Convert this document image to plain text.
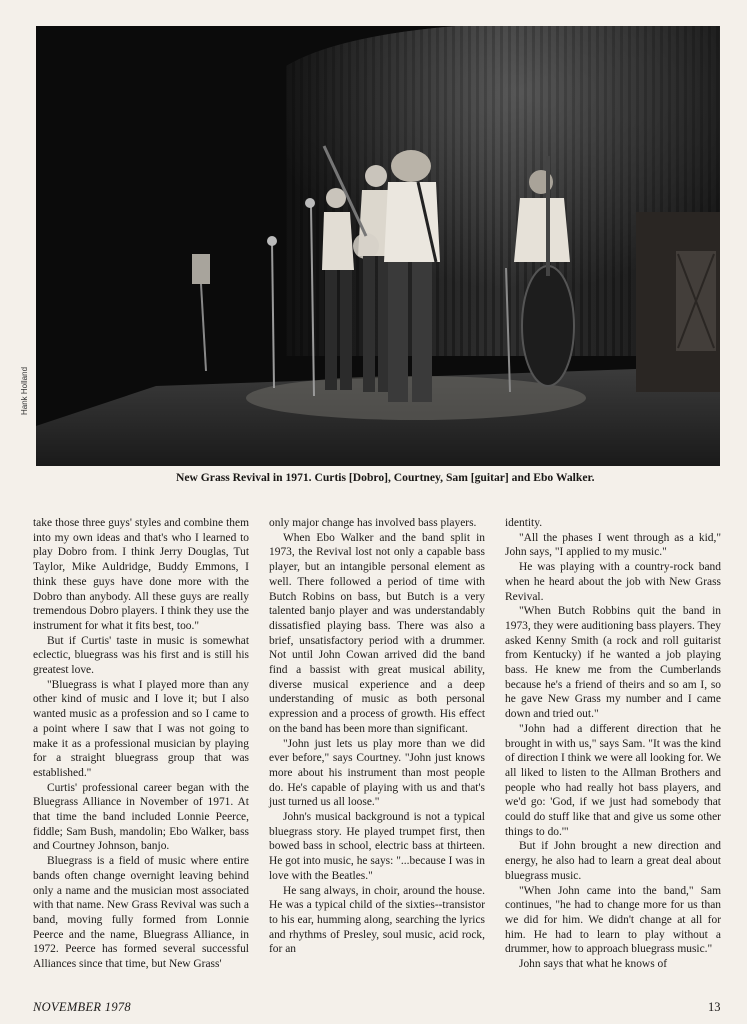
Hank Holland
New Grass Revival in 1971. Curtis [Dobro], Courtney, Sam [guitar] and Ebo Walker.

take those three guys' styles and combine them into my own ideas and that's who I learned to play Dobro from. I think Jerry Douglas, Tut Taylor, Mike Auldridge, Buddy Emmons, I think these guys have done more with the Dobro than anybody. All these guys are really tremendous Dobro players. I think they use the instrument for what it fits best, too."

But if Curtis' taste in music is somewhat eclectic, bluegrass was his first and is still his greatest love.

"Bluegrass is what I played more than any other kind of music and I love it; but I also wanted music as a profession and so I came to a point where I saw that I was not going to make it as a professional musician by playing for a straight bluegrass group that was established."

Curtis' professional career began with the Bluegrass Alliance in November of 1971. At that time the band included Lonnie Peerce, fiddle; Sam Bush, mandolin; Ebo Walker, bass and Courtney Johnson, banjo.

Bluegrass is a field of music where entire bands often change overnight leaving behind only a name and the musician most associated with that name. New Grass Revival was such a band, moving fully formed from Lonnie Peerce and the name, Bluegrass Alliance, in 1972. Peerce has formed several successful Alliances since that time, but New Grass'

only major change has involved bass players.

When Ebo Walker and the band split in 1973, the Revival lost not only a capable bass player, but an intangible personal element as well. There followed a period of time with Butch Robins on bass, but Butch is a very talented banjo player and was understandably dissatisfied playing bass. There was also a brief, unsatisfactory period with a drummer. Not until John Cowan arrived did the band find a bassist with great musical ability, diverse musical experience and a deep understanding of music as both personal expression and a process of growth. His effect on the band has been more than significant.

"John just lets us play more than we did ever before," says Courtney. "John just knows more about his instrument than most people do. He's capable of playing with us and that's just turned us all loose."

John's musical background is not a typical bluegrass story. He played trumpet first, then bowed bass in school, electric bass at thirteen. He got into music, he says: "...because I was in love with the Beatles."

He sang always, in choir, around the house. He was a typical child of the sixties--transistor to his ear, humming along, searching the lyrics and rhythms of Presley, soul music, acid rock, for an

identity.

"All the phases I went through as a kid," John says, "I applied to my music."

He was playing with a country-rock band when he heard about the job with New Grass Revival.

"When Butch Robbins quit the band in 1973, they were auditioning bass players. They asked Kenny Smith (a rock and roll guitarist from Kentucky) if he wanted a job playing bass. He knew me from the Cumberlands because he's a friend of theirs and so am I, so he gave New Grass my number and I came down and tried out."

"John had a different direction that he brought in with us," says Sam. "It was the kind of direction I think we were all looking for. We all liked to listen to the Allman Brothers and people who had really hot bass players, and we'd go: 'God, if we just had somebody that could do stuff like that and give us some other things to do.'"

But if John brought a new direction and energy, he also had to learn a great deal about bluegrass music.

"When John came into the band," Sam continues, "he had to change more for us than we did for him. We didn't change at all for him. He had to learn to play without a drummer, how to approach bluegrass music."

John says that what he knows of

NOVEMBER 1978	13
